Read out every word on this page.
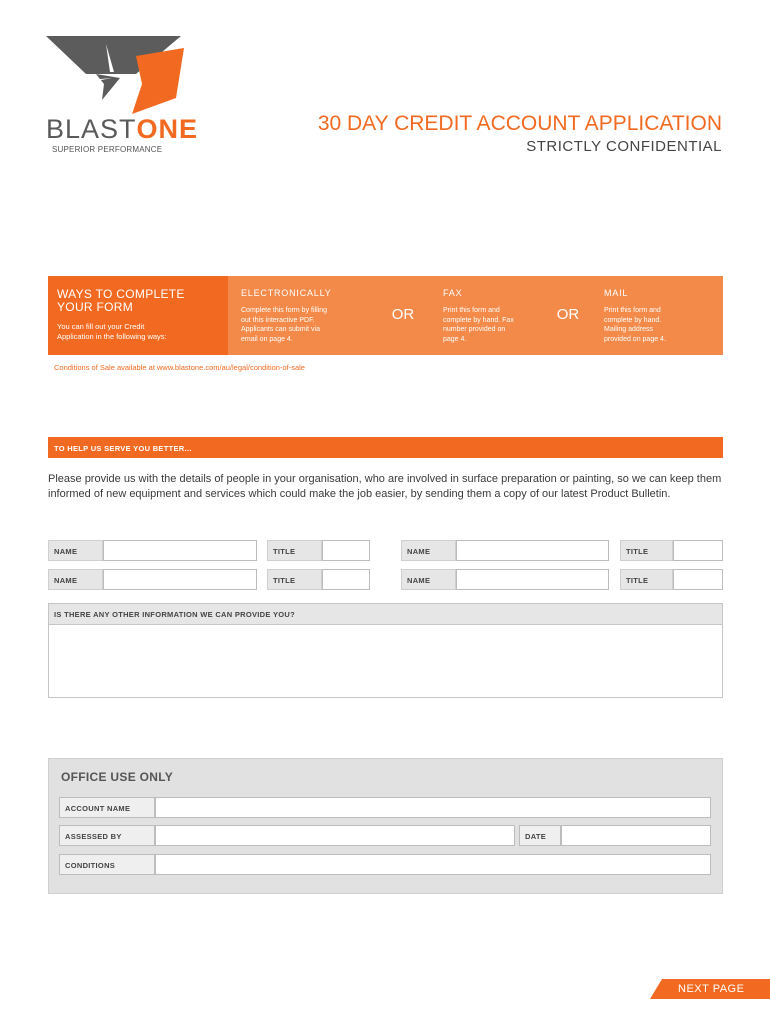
BLASTONE
SUPERIOR PERFORMANCE
30 DAY CREDIT ACCOUNT APPLICATION
STRICTLY CONFIDENTIAL
WAYS TO COMPLETE
YOUR FORM
You can fill out your Credit
Application in the following ways:
ELECTRONICALLY
Complete this form by filling
out this interactive PDF.
Applicants can submit via
email on page 4.
OR
FAX
Print this form and
complete by hand. Fax
number provided on
page 4.
OR
MAIL
Print this form and
complete by hand.
Mailing address
provided on page 4.
Conditions of Sale available at www.blastone.com/au/legal/condition-of-sale
TO HELP US SERVE YOU BETTER...
Please provide us with the details of people in your organisation, who are involved in surface preparation or painting, so we can keep them informed of new equipment and services which could make the job easier, by sending them a copy of our latest Product Bulletin.
NAME	TITLE	NAME	TITLE
NAME	TITLE	NAME	TITLE
IS THERE ANY OTHER INFORMATION WE CAN PROVIDE YOU?
OFFICE USE ONLY
ACCOUNT NAME
ASSESSED BY	DATE
CONDITIONS
NEXT PAGE
